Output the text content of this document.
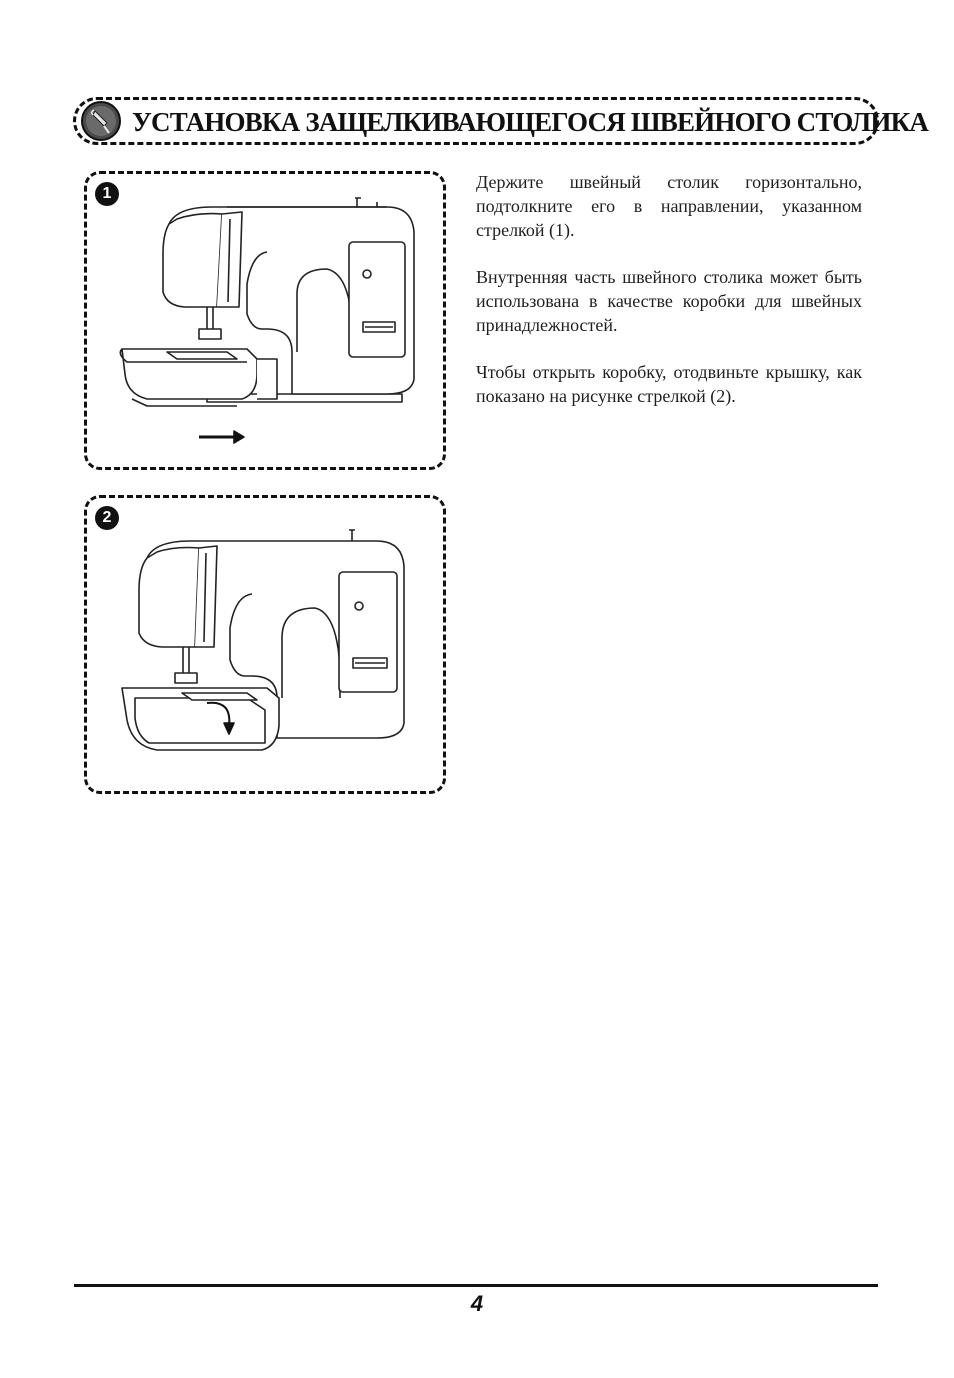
УСТАНОВКА ЗАЩЕЛКИВАЮЩЕГОСЯ ШВЕЙНОГО СТОЛИКА
1
2

Держите швейный столик горизонтально, подтолкните его в направлении, указанном стрелкой (1).

Внутренняя часть швейного столика может быть использована в качестве коробки для швейных принадлежностей.

Чтобы открыть коробку, отодвиньте крышку, как показано на рисунке стрелкой (2).

4
